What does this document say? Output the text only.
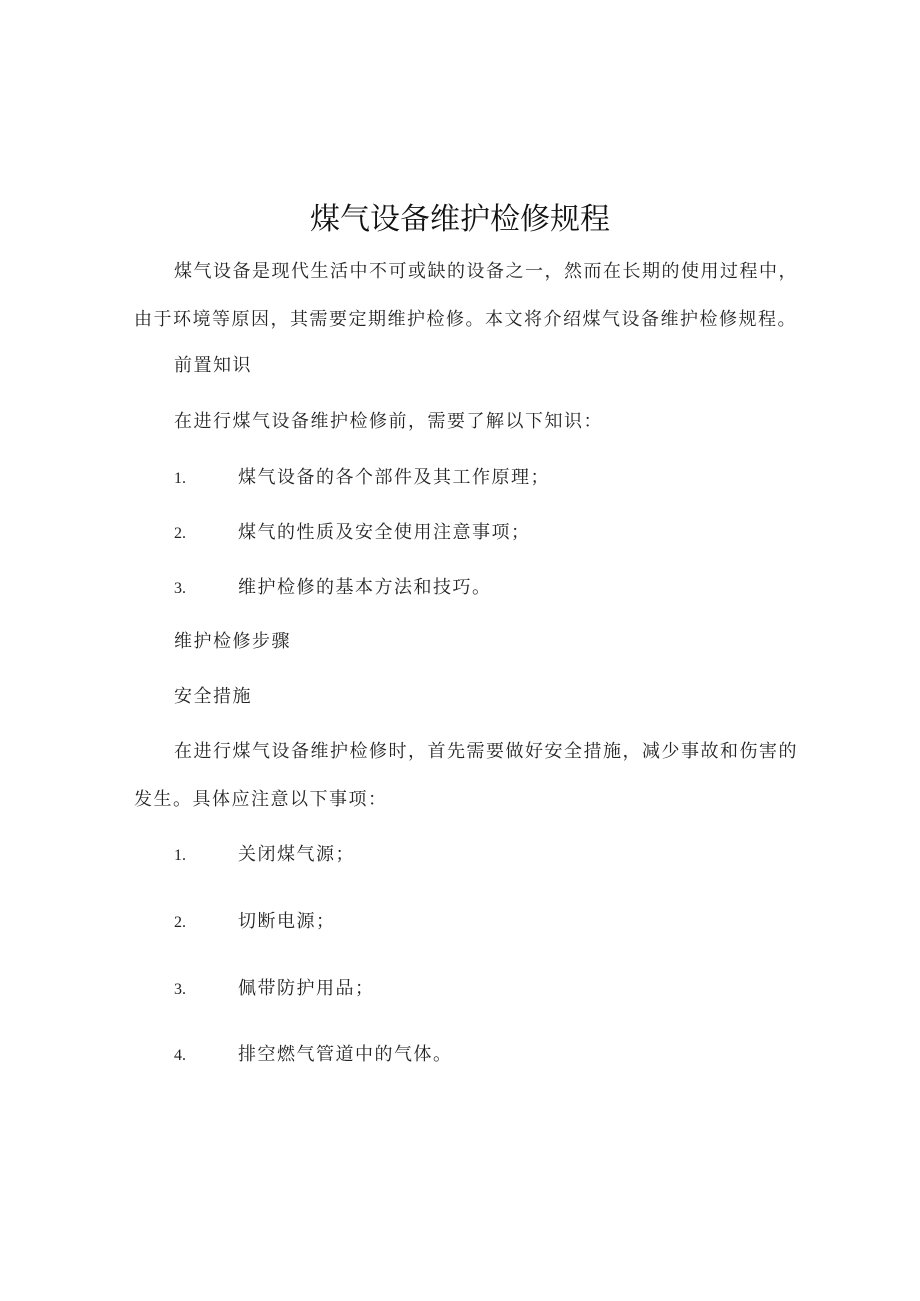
煤气设备维护检修规程

煤气设备是现代生活中不可或缺的设备之一，然而在长期的使用过程中，由于环境等原因，其需要定期维护检修。本文将介绍煤气设备维护检修规程。

前置知识

在进行煤气设备维护检修前，需要了解以下知识：

1.	煤气设备的各个部件及其工作原理；
2.	煤气的性质及安全使用注意事项；
3.	维护检修的基本方法和技巧。

维护检修步骤

安全措施

在进行煤气设备维护检修时，首先需要做好安全措施，减少事故和伤害的发生。具体应注意以下事项：

1.	关闭煤气源；
2.	切断电源；
3.	佩带防护用品；
4.	排空燃气管道中的气体。
